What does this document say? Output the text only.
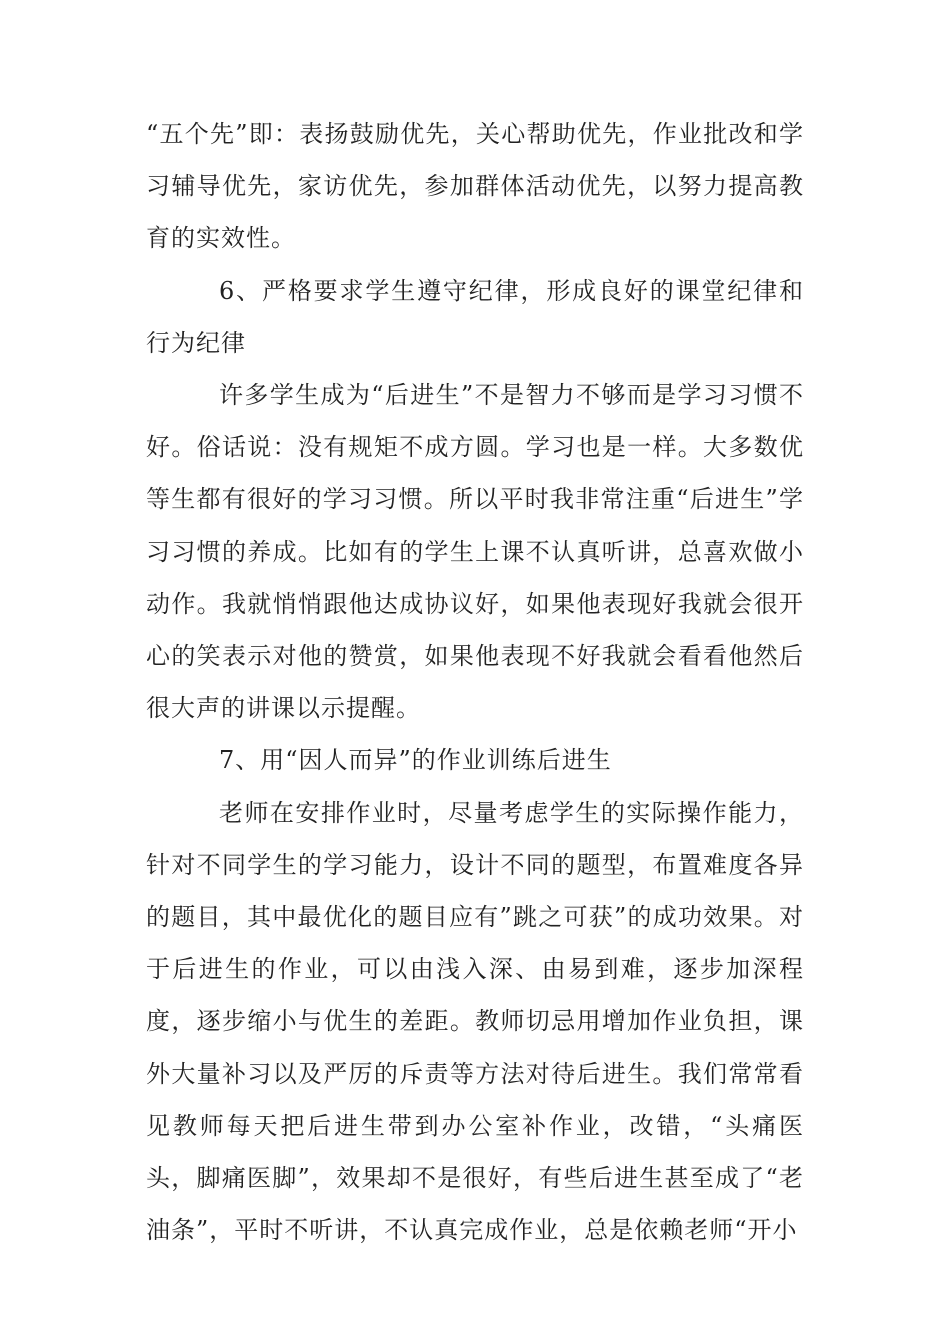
“五个先”即：表扬鼓励优先，关心帮助优先，作业批改和学习辅导优先，家访优先，参加群体活动优先，以努力提高教育的实效性。

6、严格要求学生遵守纪律，形成良好的课堂纪律和行为纪律

许多学生成为“后进生”不是智力不够而是学习习惯不好。俗话说：没有规矩不成方圆。学习也是一样。大多数优等生都有很好的学习习惯。所以平时我非常注重“后进生”学习习惯的养成。比如有的学生上课不认真听讲，总喜欢做小动作。我就悄悄跟他达成协议好，如果他表现好我就会很开心的笑表示对他的赞赏，如果他表现不好我就会看看他然后很大声的讲课以示提醒。

7、用“因人而异”的作业训练后进生

老师在安排作业时，尽量考虑学生的实际操作能力，针对不同学生的学习能力，设计不同的题型，布置难度各异的题目，其中最优化的题目应有”跳之可获”的成功效果。对于后进生的作业，可以由浅入深、由易到难，逐步加深程度，逐步缩小与优生的差距。教师切忌用增加作业负担，课外大量补习以及严厉的斥责等方法对待后进生。我们常常看见教师每天把后进生带到办公室补作业，改错，“头痛医头，脚痛医脚”，效果却不是很好，有些后进生甚至成了“老油条”，平时不听讲，不认真完成作业，总是依赖老师“开小
